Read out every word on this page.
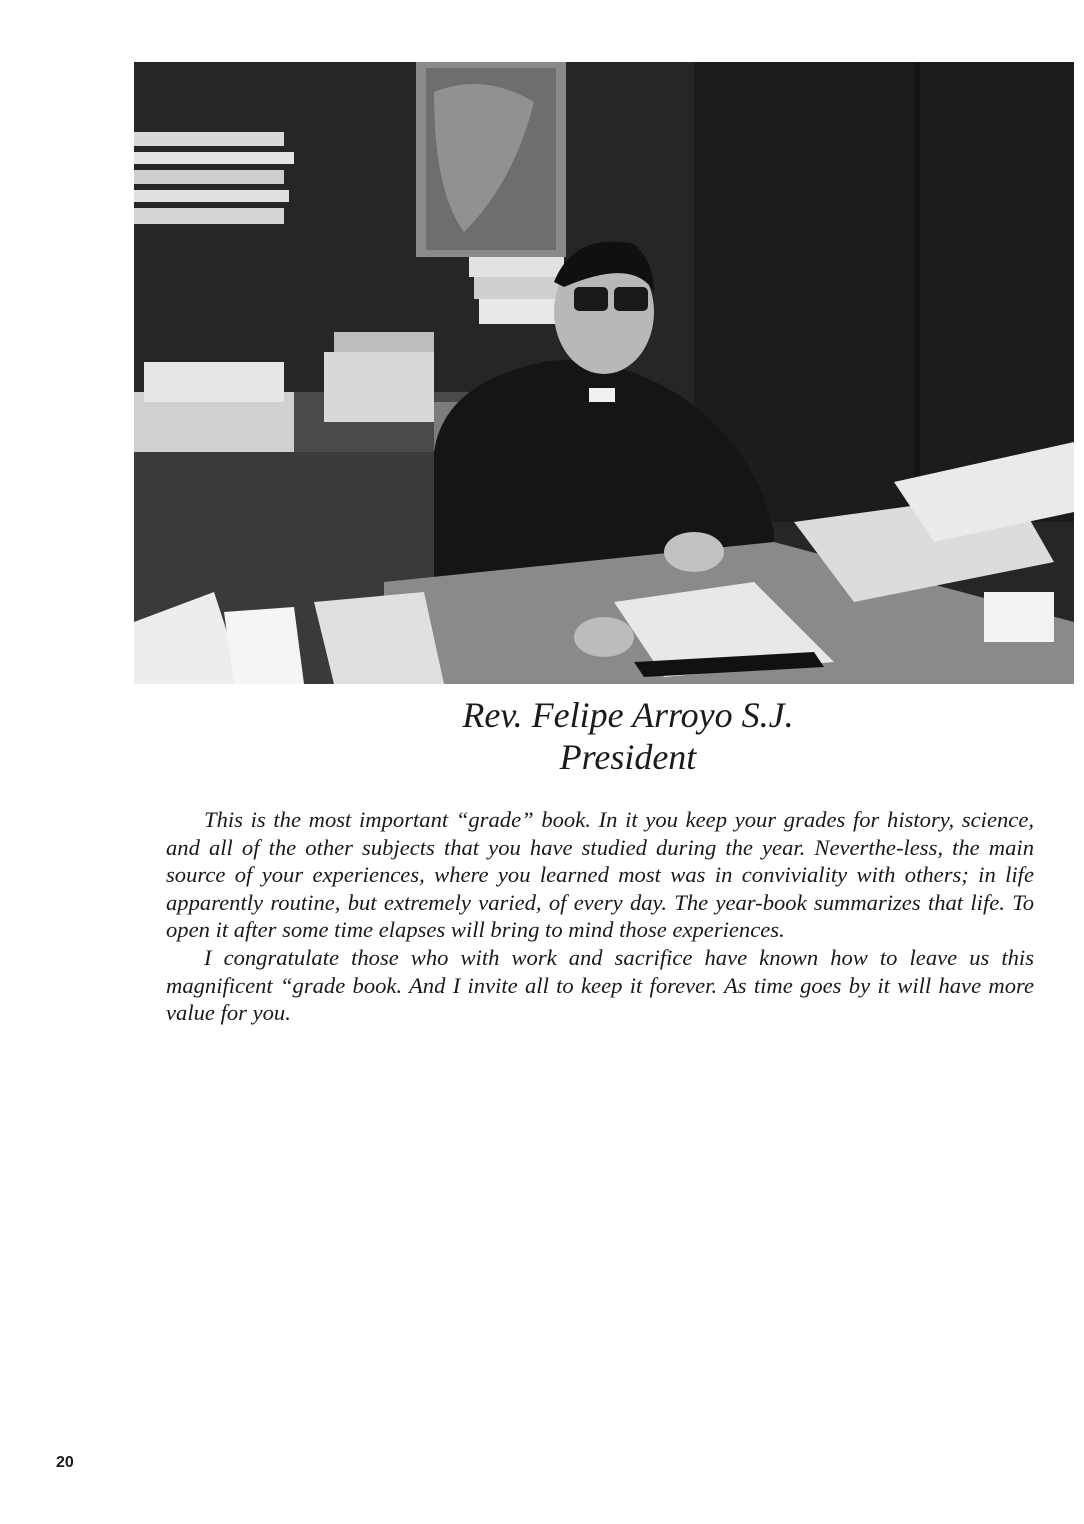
Rev. Felipe Arroyo S.J.
President

This is the most important “grade” book. In it you keep your grades for history, science, and all of the other subjects that you have studied during the year. Neverthe-less, the main source of your experiences, where you learned most was in conviviality with others; in life apparently routine, but extremely varied, of every day. The year-book summarizes that life. To open it after some time elapses will bring to mind those experiences.

I congratulate those who with work and sacrifice have known how to leave us this magnificent “grade book. And I invite all to keep it forever. As time goes by it will have more value for you.

20
